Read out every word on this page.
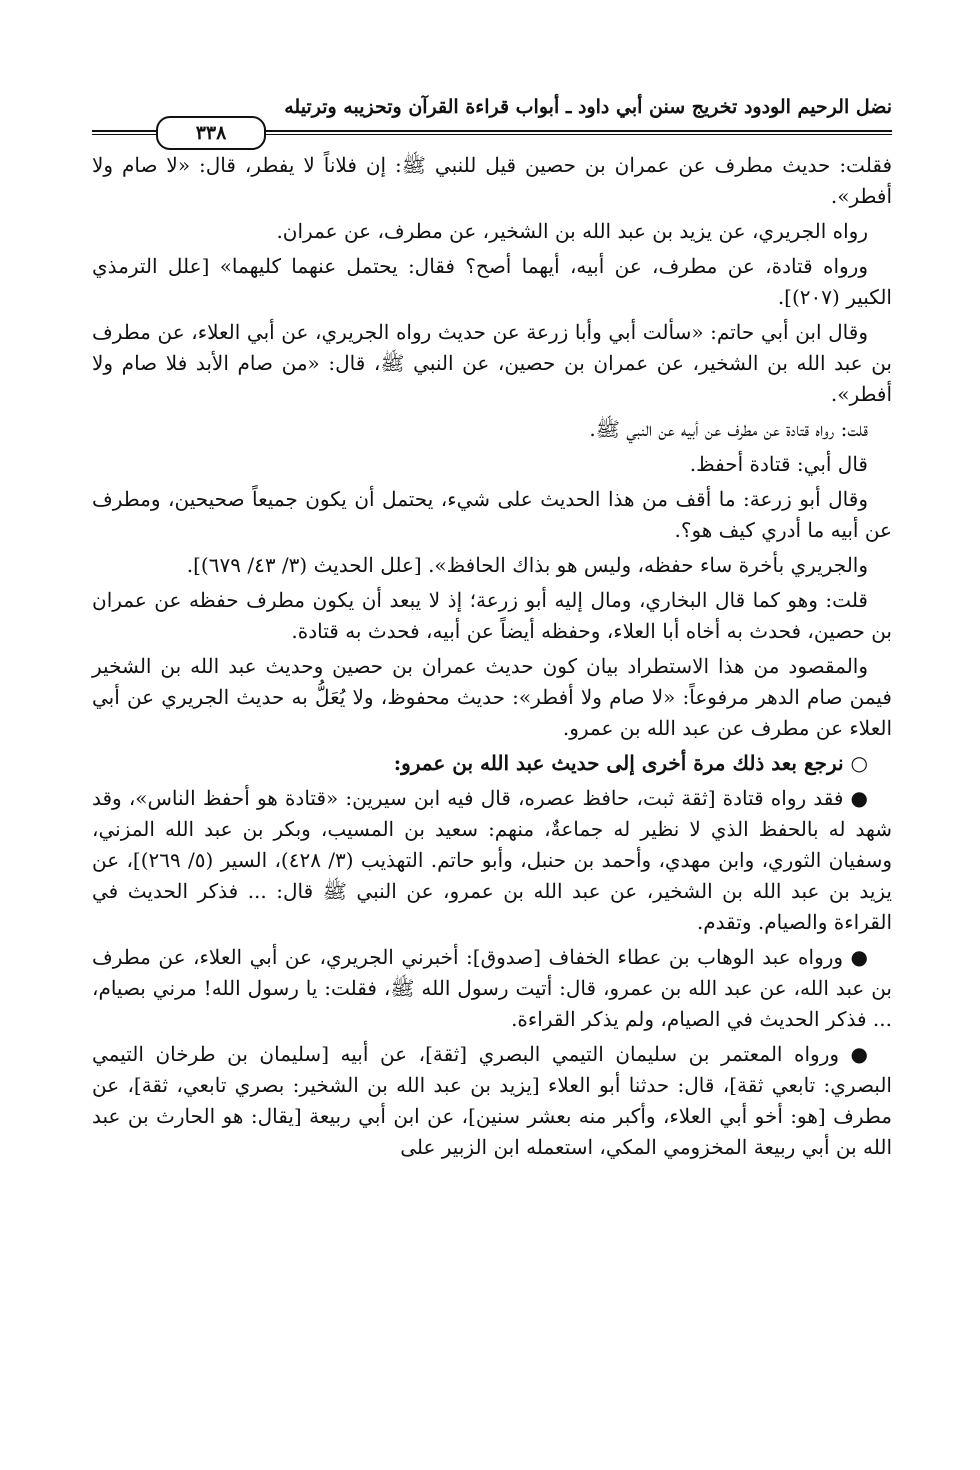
نضل الرحيم الودود تخريج سنن أبي داود ـ أبواب قراءة القرآن وتحزيبه وترتيله
٣٣٨

فقلت: حديث مطرف عن عمران بن حصين قيل للنبي ﷺ: إن فلاناً لا يفطر، قال: «لا صام ولا أفطر».

رواه الجريري، عن يزيد بن عبد الله بن الشخير، عن مطرف، عن عمران.

ورواه قتادة، عن مطرف، عن أبيه، أيهما أصح؟ فقال: يحتمل عنهما كليهما» [علل الترمذي الكبير (٢٠٧)].

وقال ابن أبي حاتم: «سألت أبي وأبا زرعة عن حديث رواه الجريري، عن أبي العلاء، عن مطرف بن عبد الله بن الشخير، عن عمران بن حصين، عن النبي ﷺ، قال: «من صام الأبد فلا صام ولا أفطر».

قلت: رواه قتادة عن مطرف عن أبيه عن النبي ﷺ.

قال أبي: قتادة أحفظ.

وقال أبو زرعة: ما أقف من هذا الحديث على شيء، يحتمل أن يكون جميعاً صحيحين، ومطرف عن أبيه ما أدري كيف هو؟.

والجريري بأخرة ساء حفظه، وليس هو بذاك الحافظ». [علل الحديث (٣/ ٤٣/ ٦٧٩)].

قلت: وهو كما قال البخاري، ومال إليه أبو زرعة؛ إذ لا يبعد أن يكون مطرف حفظه عن عمران بن حصين، فحدث به أخاه أبا العلاء، وحفظه أيضاً عن أبيه، فحدث به قتادة.

والمقصود من هذا الاستطراد بيان كون حديث عمران بن حصين وحديث عبد الله بن الشخير فيمن صام الدهر مرفوعاً: «لا صام ولا أفطر»: حديث محفوظ، ولا يُعَلُّ به حديث الجريري عن أبي العلاء عن مطرف عن عبد الله بن عمرو.

○ نرجع بعد ذلك مرة أخرى إلى حديث عبد الله بن عمرو:

● فقد رواه قتادة [ثقة ثبت، حافظ عصره، قال فيه ابن سيرين: «قتادة هو أحفظ الناس»، وقد شهد له بالحفظ الذي لا نظير له جماعةٌ، منهم: سعيد بن المسيب، وبكر بن عبد الله المزني، وسفيان الثوري، وابن مهدي، وأحمد بن حنبل، وأبو حاتم. التهذيب (٣/ ٤٢٨)، السير (٥/ ٢٦٩)]، عن يزيد بن عبد الله بن الشخير، عن عبد الله بن عمرو، عن النبي ﷺ قال: ... فذكر الحديث في القراءة والصيام. وتقدم.

● ورواه عبد الوهاب بن عطاء الخفاف [صدوق]: أخبرني الجريري، عن أبي العلاء، عن مطرف بن عبد الله، عن عبد الله بن عمرو، قال: أتيت رسول الله ﷺ، فقلت: يا رسول الله! مرني بصيام، ... فذكر الحديث في الصيام، ولم يذكر القراءة.

● ورواه المعتمر بن سليمان التيمي البصري [ثقة]، عن أبيه [سليمان بن طرخان التيمي البصري: تابعي ثقة]، قال: حدثنا أبو العلاء [يزيد بن عبد الله بن الشخير: بصري تابعي، ثقة]، عن مطرف [هو: أخو أبي العلاء، وأكبر منه بعشر سنين]، عن ابن أبي ربيعة [يقال: هو الحارث بن عبد الله بن أبي ربيعة المخزومي المكي، استعمله ابن الزبير على
